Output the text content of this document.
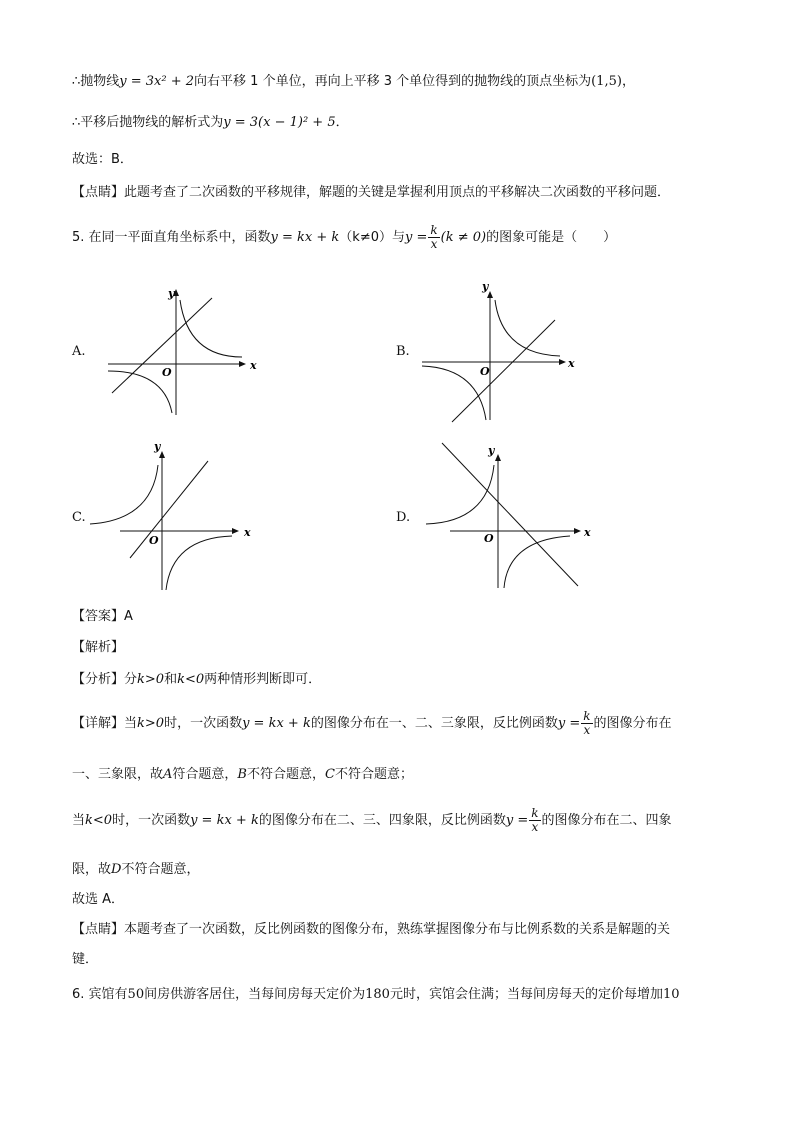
∴抛物线y = 3x² + 2向右平移 1 个单位，再向上平移 3 个单位得到的抛物线的顶点坐标为(1,5)，
∴平移后抛物线的解析式为y = 3(x − 1)² + 5．
故选：B．
【点睛】此题考查了二次函数的平移规律，解题的关键是掌握利用顶点的平移解决二次函数的平移问题．
5. 在同一平面直角坐标系中，函数y = kx + k（k≠0）与$y = \frac{k}{x} (k \ne 0)$的图象可能是（　　）
A.	B.
C.	D.
x
y
O
x
y
O
x
y
O
x
y
O
【答案】A
【解析】
【分析】分k>0和k<0两种情形判断即可．
【详解】当k>0时，一次函数y = kx + k的图像分布在一、二、三象限，反比例函数$y = \frac{k}{x}$ 的图像分布在
一、三象限，故A符合题意，B不符合题意，C不符合题意；
当k<0时，一次函数y = kx + k的图像分布在二、三、四象限，反比例函数$y = \frac{k}{x}$ 的图像分布在二、四象
限，故D不符合题意，
故选 A．
【点睛】本题考查了一次函数，反比例函数的图像分布，熟练掌握图像分布与比例系数的关系是解题的关
键．
6. 宾馆有50间房供游客居住，当每间房每天定价为180元时，宾馆会住满；当每间房每天的定价每增加10
